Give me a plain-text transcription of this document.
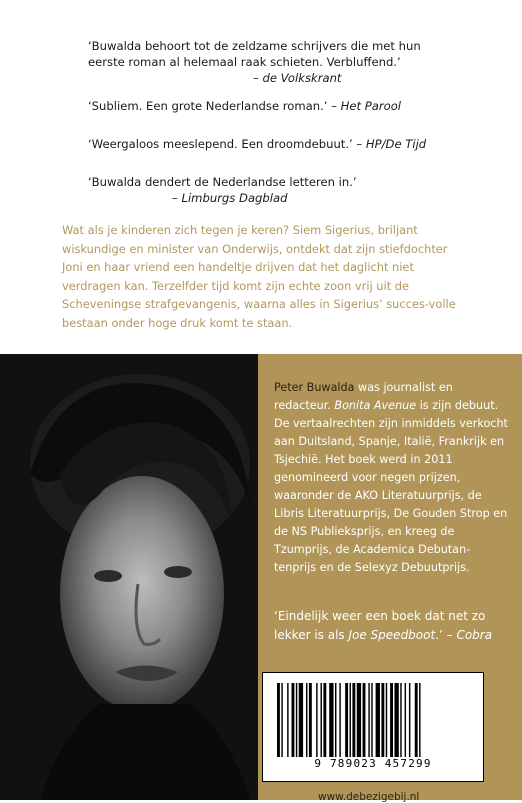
‘Buwalda behoort tot de zeldzame schrijvers die met hun eerste roman al helemaal raak schieten. Verbluffend.’
– de Volkskrant
‘Subliem. Een grote Nederlandse roman.’ – Het Parool
‘Weergaloos meeslepend. Een droomdebuut.’ – HP/De Tijd
‘Buwalda dendert de Nederlandse letteren in.’
– Limburgs Dagblad
Wat als je kinderen zich tegen je keren? Siem Sigerius, briljant wiskundige en minister van Onderwijs, ontdekt dat zijn stiefdochter Joni en haar vriend een handeltje drijven dat het daglicht niet verdragen kan. Terzelfder tijd komt zijn echte zoon vrij uit de Scheveningse strafgevangenis, waarna alles in Sigerius’ succes-volle bestaan onder hoge druk komt te staan.
Peter Buwalda was journalist en redacteur. Bonita Avenue is zijn debuut. De vertaalrechten zijn inmiddels verkocht aan Duitsland, Spanje, Italië, Frankrijk en Tsjechië. Het boek werd in 2011 genomineerd voor negen prijzen, waaronder de AKO Literatuurprijs, de Libris Literatuurprijs, De Gouden Strop en de NS Publieksprijs, en kreeg de Tzumprijs, de Academica Debutan-tenprijs en de Selexyz Debuutprijs.
‘Eindelijk weer een boek dat net zo lekker is als Joe Speedboot.’ – Cobra
9 789023 457299
www.debezigebij.nl
